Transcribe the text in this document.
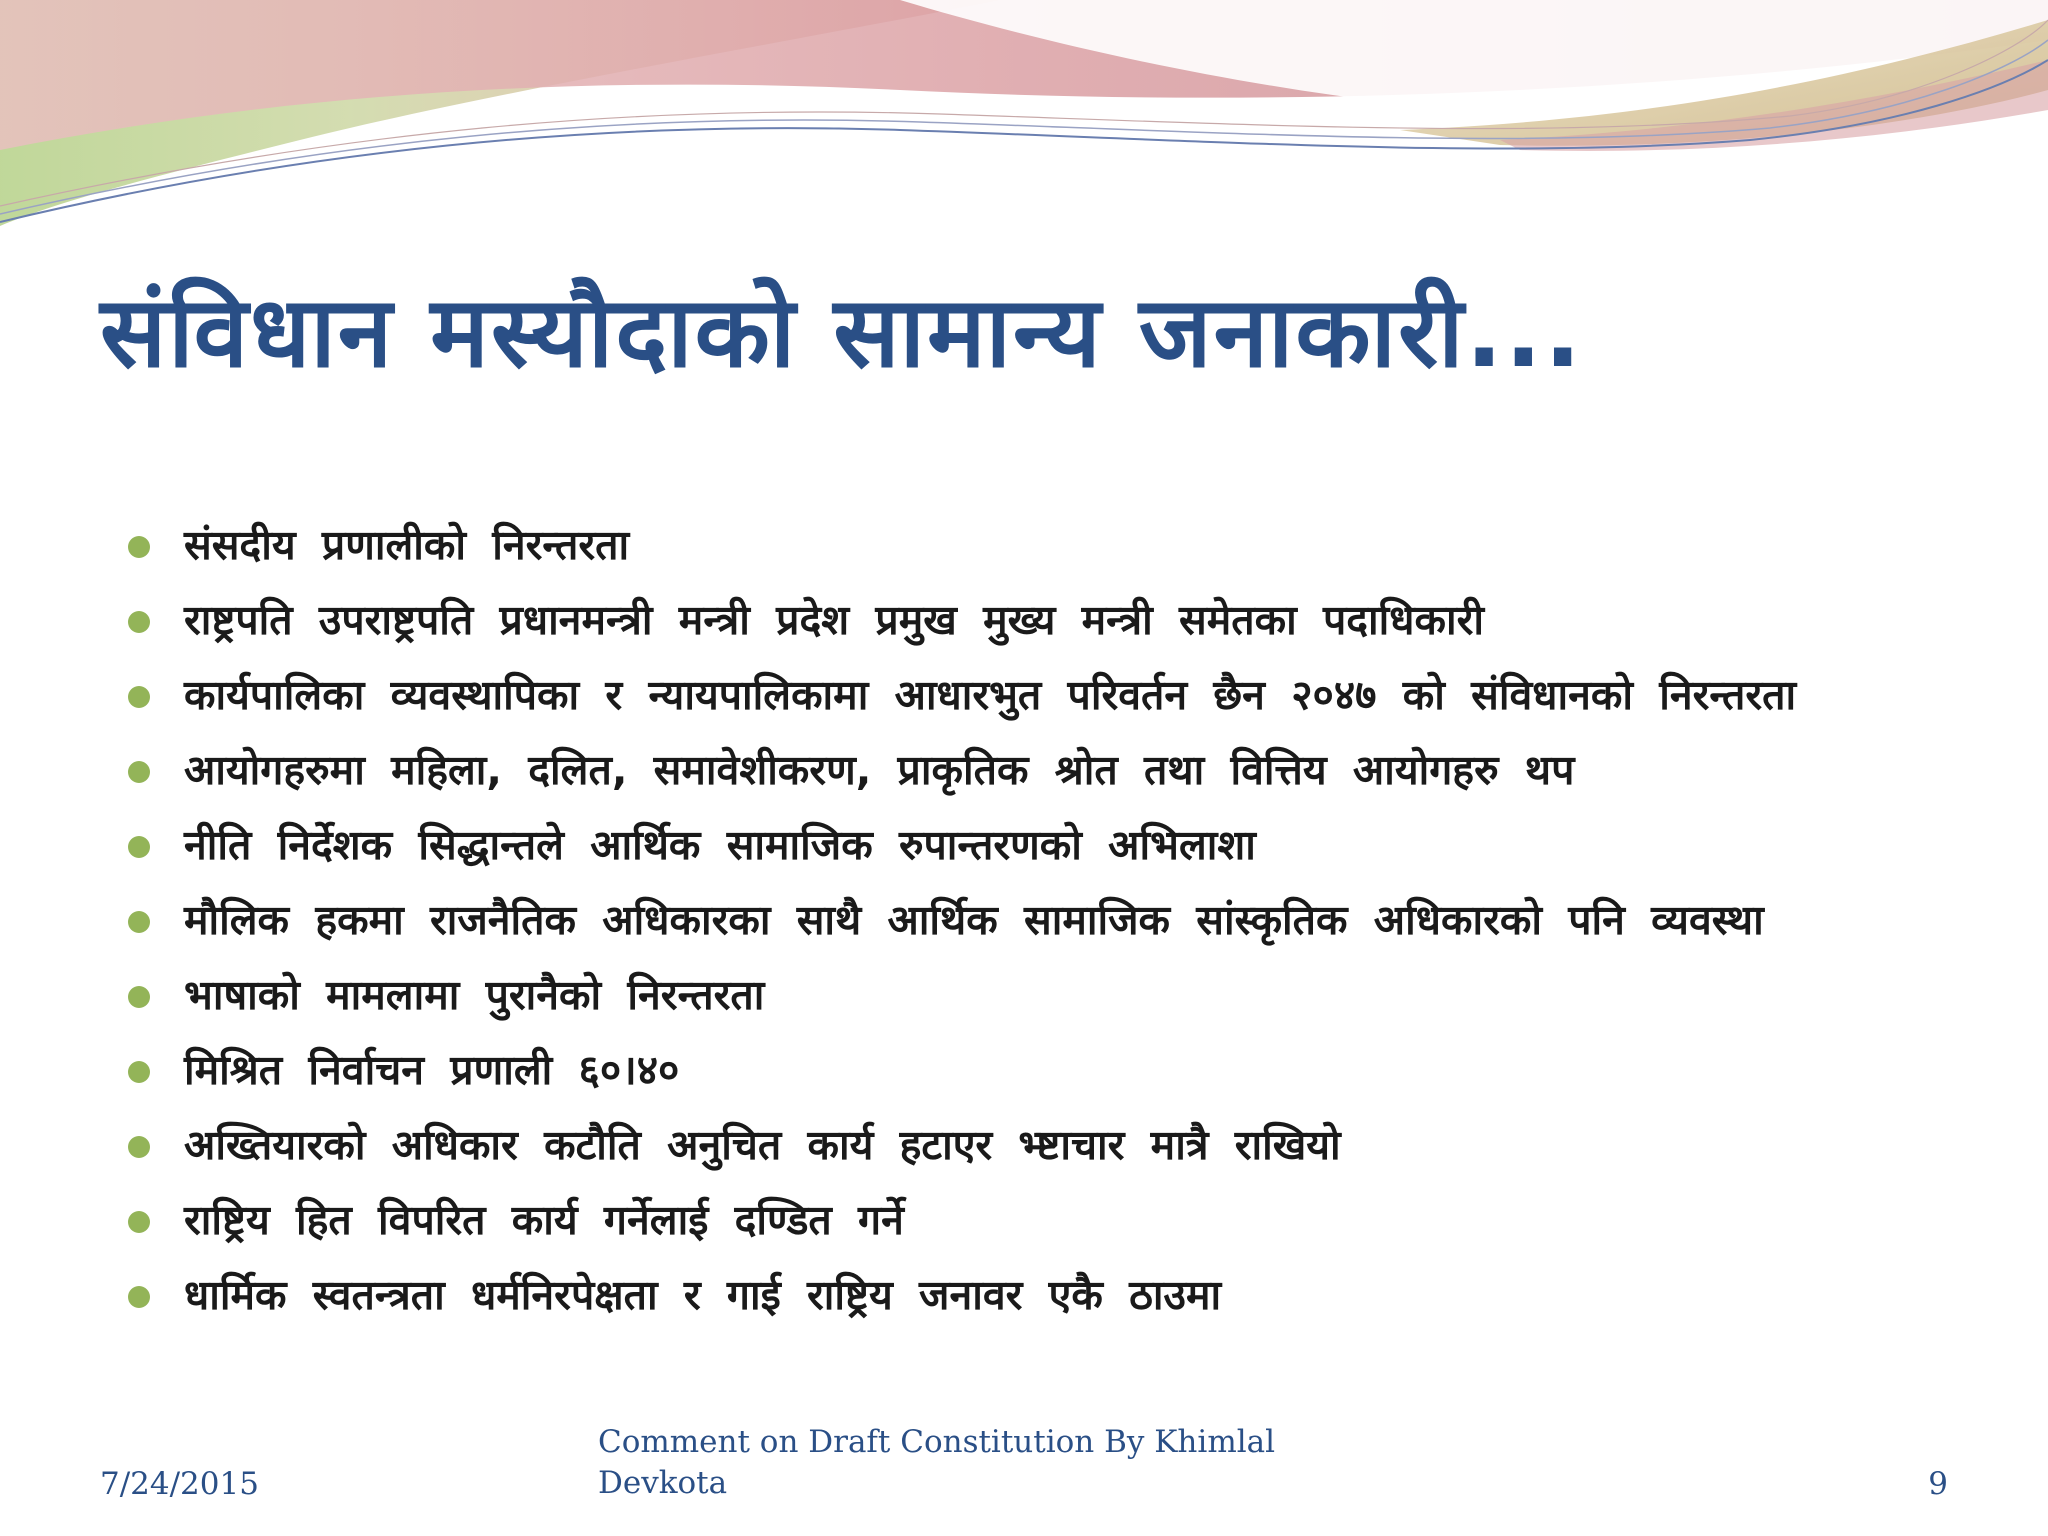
संविधान मस्यौदाको सामान्य जनाकारी...
संसदीय प्रणालीको निरन्तरता
राष्ट्रपति उपराष्ट्रपति प्रधानमन्त्री मन्त्री प्रदेश प्रमुख मुख्य मन्त्री समेतका पदाधिकारी
कार्यपालिका व्यवस्थापिका र न्यायपालिकामा आधारभुत परिवर्तन छैन २०४७ को संविधानको निरन्तरता
आयोगहरुमा महिला, दलित, समावेशीकरण, प्राकृतिक श्रोत तथा वित्तिय आयोगहरु थप
नीति निर्देशक सिद्धान्तले आर्थिक सामाजिक रुपान्तरणको अभिलाशा
मौलिक हकमा राजनैतिक अधिकारका साथै आर्थिक सामाजिक सांस्कृतिक अधिकारको पनि व्यवस्था
भाषाको मामलामा पुरानैको निरन्तरता
मिश्रित निर्वाचन प्रणाली ६०।४०
अख्तियारको अधिकार कटौति अनुचित कार्य हटाएर भ्ष्टाचार मात्रै राखियो
राष्ट्रिय हित विपरित कार्य गर्नेलाई दण्डित गर्ने
धार्मिक स्वतन्त्रता धर्मनिरपेक्षता र गाई राष्ट्रिय जनावर एकै ठाउमा
7/24/2015
Comment on Draft Constitution By Khimlal Devkota	9
